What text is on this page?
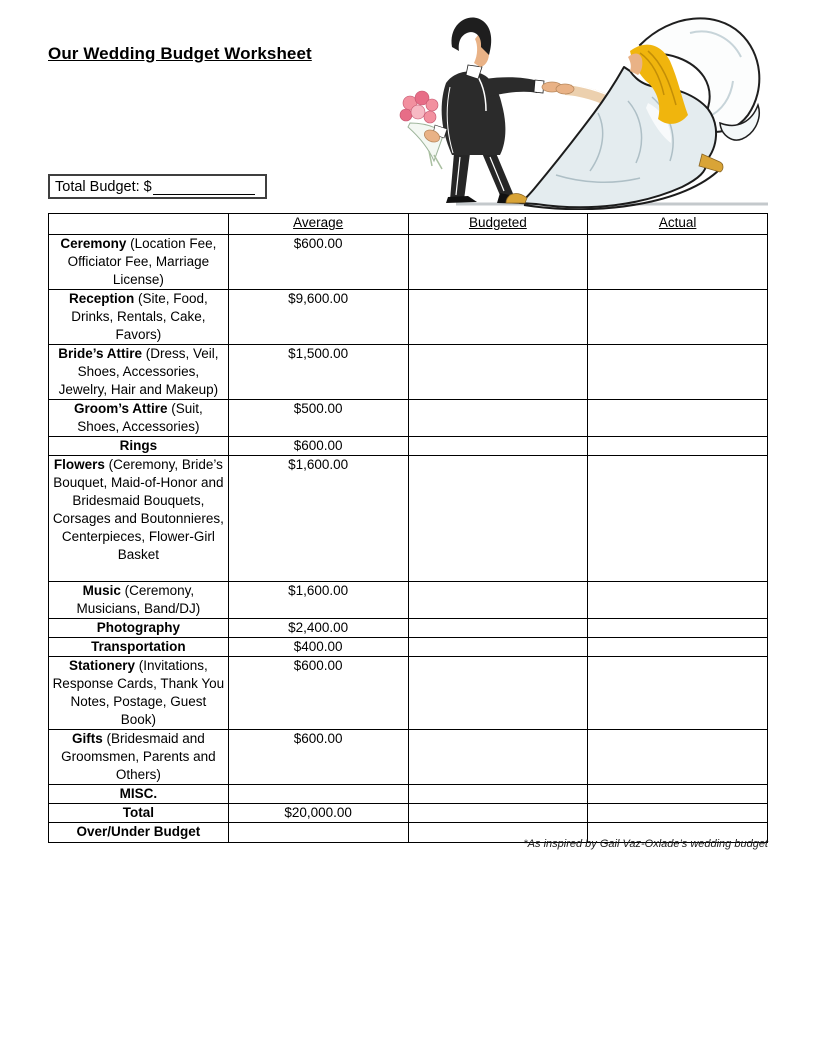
Our Wedding Budget Worksheet
Total Budget: $
	Average	Budgeted	Actual
Ceremony (Location Fee, Officiator Fee, Marriage License)	$600.00		
Reception (Site, Food, Drinks, Rentals, Cake, Favors)	$9,600.00		
Bride’s Attire (Dress, Veil, Shoes, Accessories, Jewelry, Hair and Makeup)	$1,500.00		
Groom’s Attire (Suit, Shoes, Accessories)	$500.00		
Rings	$600.00		
Flowers (Ceremony, Bride’s Bouquet, Maid-of-Honor and Bridesmaid Bouquets, Corsages and Boutonnieres, Centerpieces, Flower-Girl Basket	$1,600.00		
Music (Ceremony, Musicians, Band/DJ)	$1,600.00		
Photography	$2,400.00		
Transportation	$400.00		
Stationery (Invitations, Response Cards, Thank You Notes, Postage, Guest Book)	$600.00		
Gifts (Bridesmaid and Groomsmen, Parents and Others)	$600.00		
MISC.			
Total	$20,000.00		
Over/Under Budget			
*As inspired by Gail Vaz-Oxlade’s wedding budget
